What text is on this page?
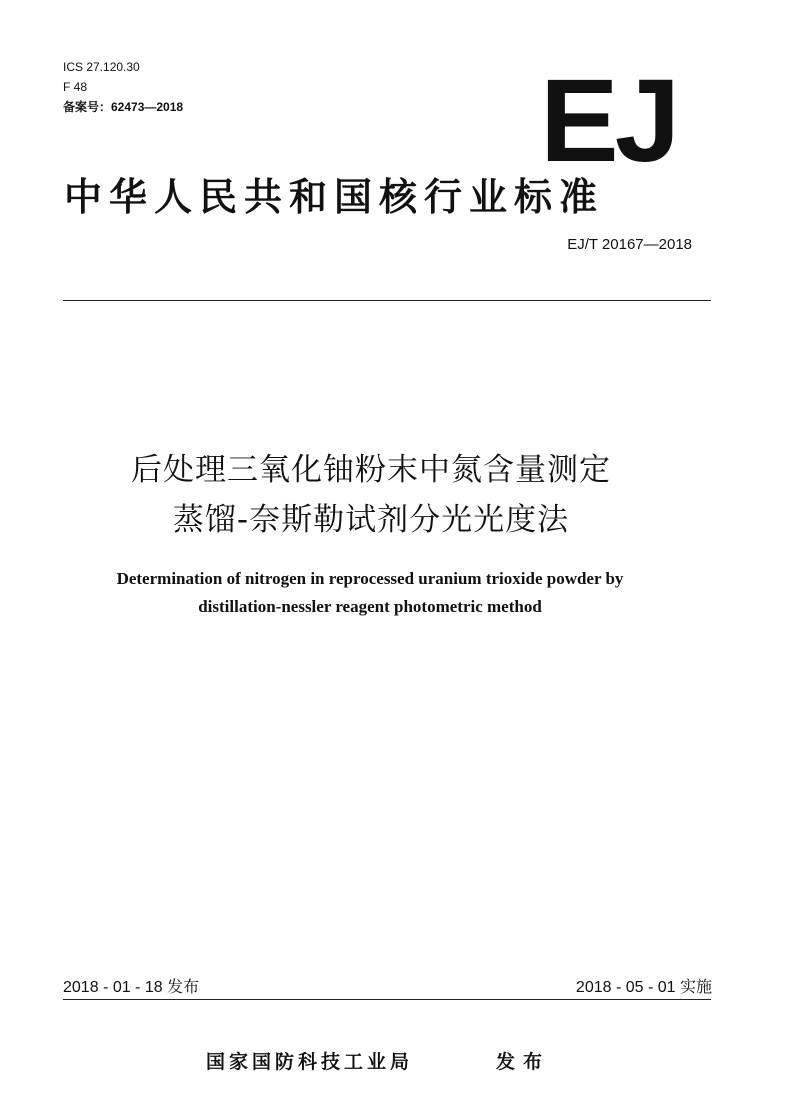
ICS 27.120.30
F 48
备案号：62473—2018	EJ
中华人民共和国核行业标准
EJ/T 20167—2018
后处理三氧化铀粉末中氮含量测定
蒸馏-奈斯勒试剂分光光度法
Determination of nitrogen in reprocessed uranium trioxide powder by
distillation-nessler reagent photometric method
2018 - 01 - 18 发布	2018 - 05 - 01 实施
国家国防科技工业局	发布
